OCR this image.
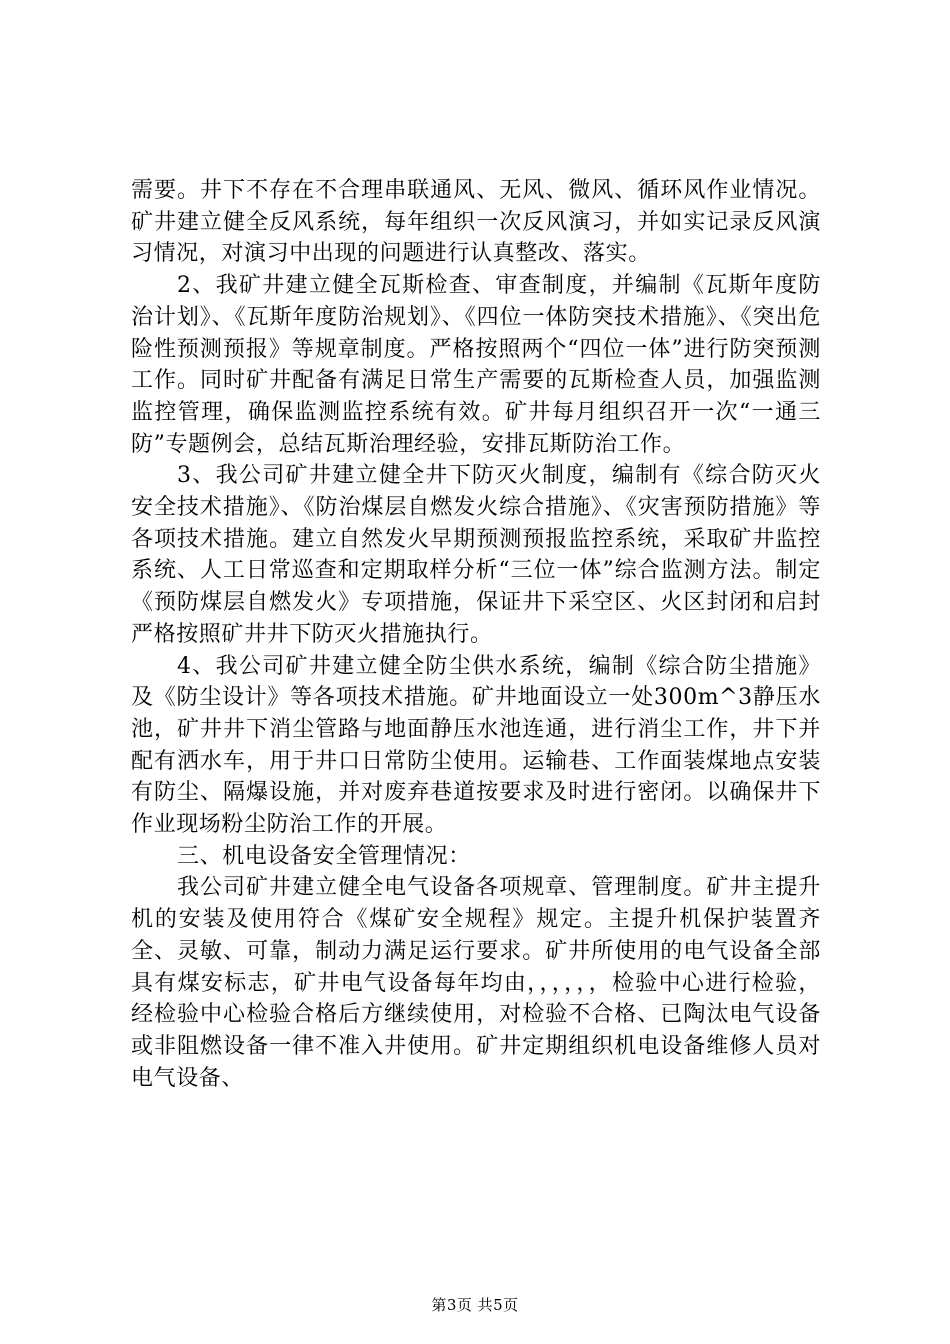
需要。井下不存在不合理串联通风、无风、微风、循环风作业情况。矿井建立健全反风系统，每年组织一次反风演习，并如实记录反风演习情况，对演习中出现的问题进行认真整改、落实。

2、我矿井建立健全瓦斯检查、审查制度，并编制《瓦斯年度防治计划》、《瓦斯年度防治规划》、《四位一体防突技术措施》、《突出危险性预测预报》等规章制度。严格按照两个“四位一体”进行防突预测工作。同时矿井配备有满足日常生产需要的瓦斯检查人员，加强监测监控管理，确保监测监控系统有效。矿井每月组织召开一次“一通三防”专题例会，总结瓦斯治理经验，安排瓦斯防治工作。

3、我公司矿井建立健全井下防灭火制度，编制有《综合防灭火安全技术措施》、《防治煤层自燃发火综合措施》、《灾害预防措施》等各项技术措施。建立自然发火早期预测预报监控系统，采取矿井监控系统、人工日常巡查和定期取样分析“三位一体”综合监测方法。制定《预防煤层自燃发火》专项措施，保证井下采空区、火区封闭和启封严格按照矿井井下防灭火措施执行。

4、我公司矿井建立健全防尘供水系统，编制《综合防尘措施》及《防尘设计》等各项技术措施。矿井地面设立一处300m^3静压水池，矿井井下消尘管路与地面静压水池连通，进行消尘工作，井下并配有洒水车，用于井口日常防尘使用。运输巷、工作面装煤地点安装有防尘、隔爆设施，并对废弃巷道按要求及时进行密闭。以确保井下作业现场粉尘防治工作的开展。

三、机电设备安全管理情况：

我公司矿井建立健全电气设备各项规章、管理制度。矿井主提升机的安装及使用符合《煤矿安全规程》规定。主提升机保护装置齐全、灵敏、可靠，制动力满足运行要求。矿井所使用的电气设备全部具有煤安标志，矿井电气设备每年均由，，，，，，检验中心进行检验，经检验中心检验合格后方继续使用，对检验不合格、已陶汰电气设备或非阻燃设备一律不准入井使用。矿井定期组织机电设备维修人员对电气设备、

第3页 共5页
